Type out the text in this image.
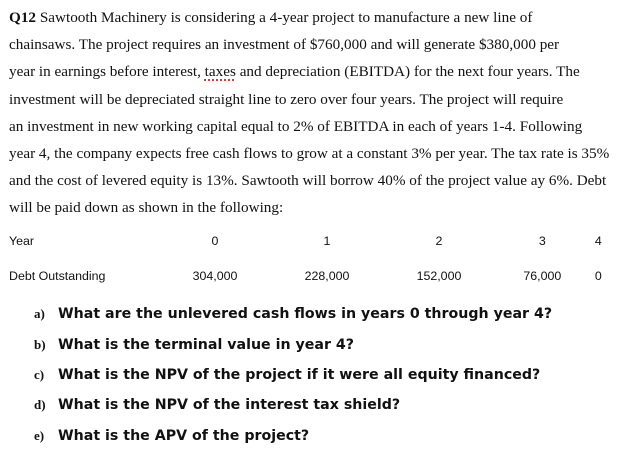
Q12 Sawtooth Machinery is considering a 4-year project to manufacture a new line of
chainsaws. The project requires an investment of $760,000 and will generate $380,000 per
year in earnings before interest, taxes and depreciation (EBITDA) for the next four years. The
investment will be depreciated straight line to zero over four years. The project will require
an investment in new working capital equal to 2% of EBITDA in each of years 1-4. Following
year 4, the company expects free cash flows to grow at a constant 3% per year. The tax rate is 35%
and the cost of levered equity is 13%. Sawtooth will borrow 40% of the project value ay 6%. Debt
will be paid down as shown in the following:
Year	0	1	2	3	4

Debt Outstanding	304,000	228,000	152,000	76,000	0
a) What are the unlevered cash flows in years 0 through year 4?
b) What is the terminal value in year 4?
c) What is the NPV of the project if it were all equity financed?
d) What is the NPV of the interest tax shield?
e) What is the APV of the project?
